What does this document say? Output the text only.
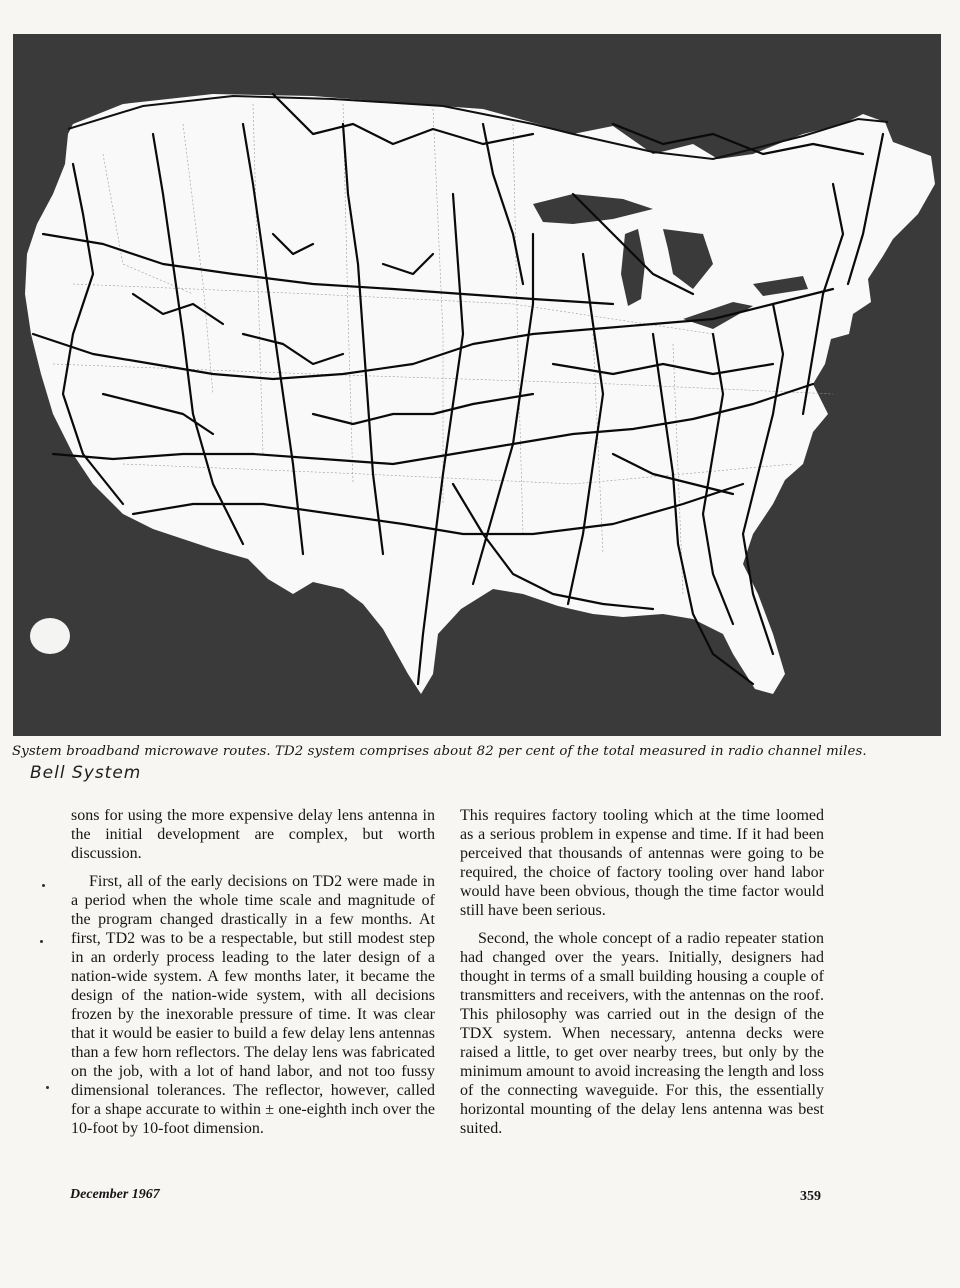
System broadband microwave routes. TD2 system comprises about 82 per cent of the total measured in radio channel miles.
Bell System

sons for using the more expensive delay lens antenna in the initial development are complex, but worth discussion.

First, all of the early decisions on TD2 were made in a period when the whole time scale and magnitude of the program changed drastically in a few months. At first, TD2 was to be a respectable, but still modest step in an orderly process leading to the later design of a nation-wide system. A few months later, it became the design of the nation-wide system, with all decisions frozen by the inexorable pressure of time. It was clear that it would be easier to build a few delay lens antennas than a few horn reflectors. The delay lens was fabricated on the job, with a lot of hand labor, and not too fussy dimensional tolerances. The reflector, however, called for a shape accurate to within ± one-eighth inch over the 10-foot by 10-foot dimension.

This requires factory tooling which at the time loomed as a serious problem in expense and time. If it had been perceived that thousands of antennas were going to be required, the choice of factory tooling over hand labor would have been obvious, though the time factor would still have been serious.

Second, the whole concept of a radio repeater station had changed over the years. Initially, designers had thought in terms of a small building housing a couple of transmitters and receivers, with the antennas on the roof. This philosophy was carried out in the design of the TDX system. When necessary, antenna decks were raised a little, to get over nearby trees, but only by the minimum amount to avoid increasing the length and loss of the connecting waveguide. For this, the essentially horizontal mounting of the delay lens antenna was best suited.

December 1967	359
